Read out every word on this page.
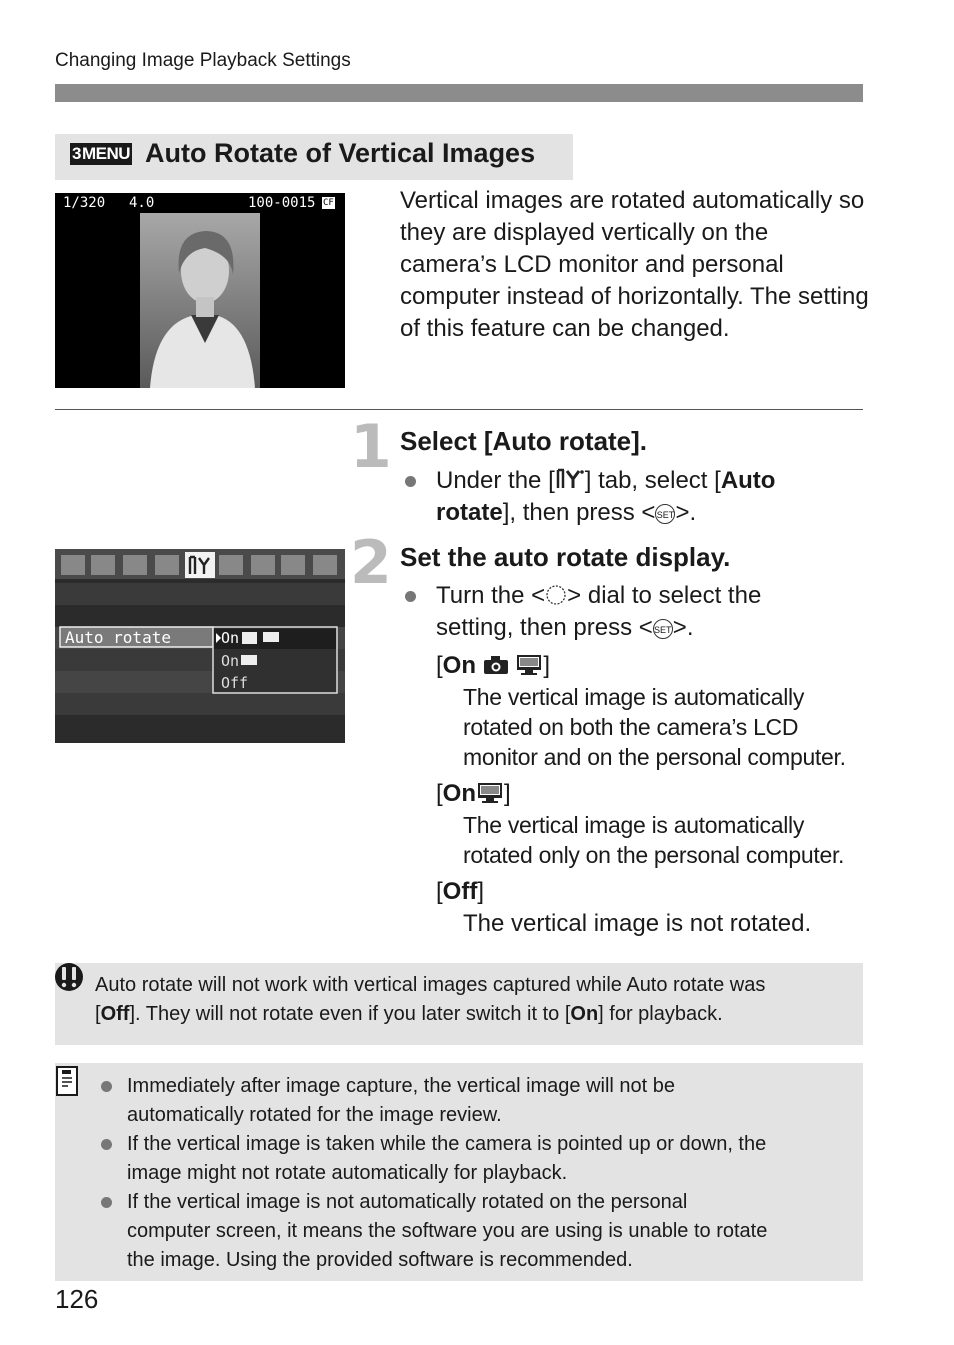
Changing Image Playback Settings
3 MENU Auto Rotate of Vertical Images
1/320 4.0	100-0015 CF	Vertical images are rotated automatically so they are displayed vertically on the camera’s LCD monitor and personal computer instead of horizontally. The setting of this feature can be changed.
1 Select [Auto rotate].
Under the [ ] tab, select [Auto
rotate], then press <SET>.
Auto rotate	On
On
Off
2 Set the auto rotate display.
Turn the < > dial to select the
setting, then press <SET>.
[On	]
The vertical image is automatically
rotated on both the camera’s LCD
monitor and on the personal computer.
[On ]
The vertical image is automatically
rotated only on the personal computer.
[Off]
The vertical image is not rotated.
Auto rotate will not work with vertical images captured while Auto rotate was
[Off]. They will not rotate even if you later switch it to [On] for playback.
Immediately after image capture, the vertical image will not be
automatically rotated for the image review.
If the vertical image is taken while the camera is pointed up or down, the
image might not rotate automatically for playback.
If the vertical image is not automatically rotated on the personal
computer screen, it means the software you are using is unable to rotate
the image. Using the provided software is recommended.
126
